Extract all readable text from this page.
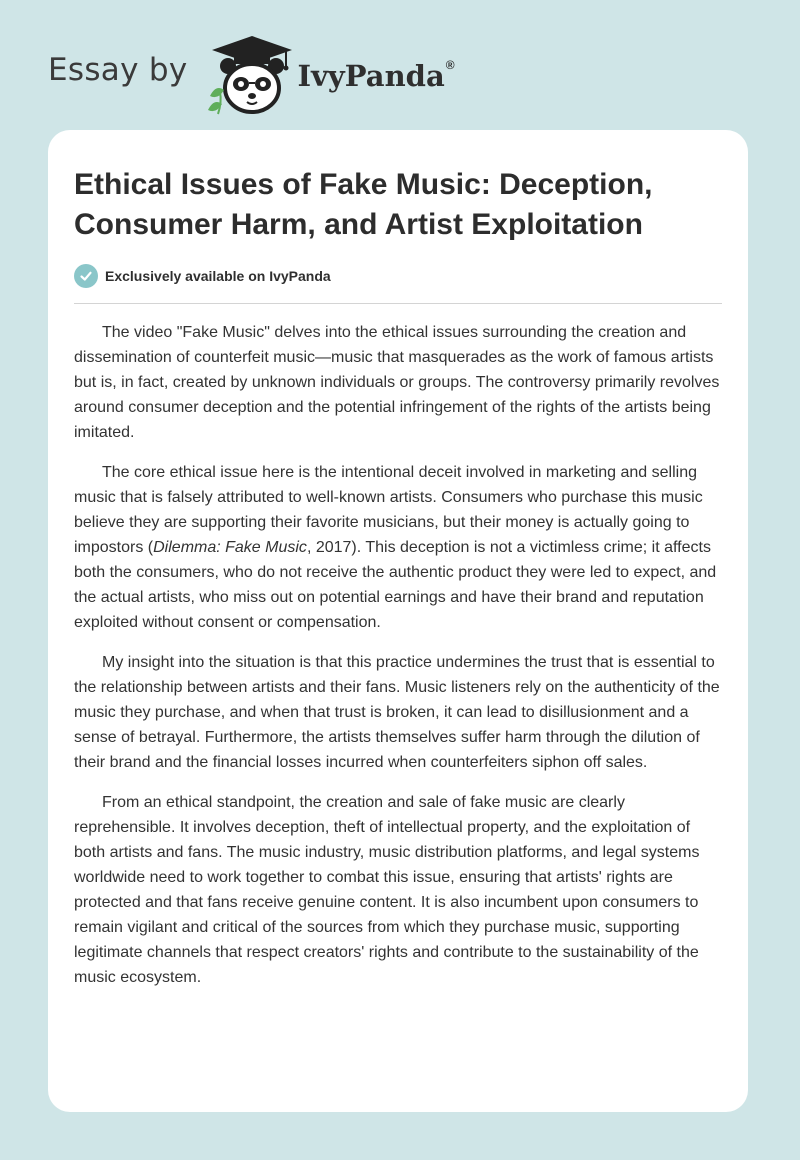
Essay by	IvyPanda®
Ethical Issues of Fake Music: Deception, Consumer Harm, and Artist Exploitation
Exclusively available on IvyPanda

The video "Fake Music" delves into the ethical issues surrounding the creation and dissemination of counterfeit music—music that masquerades as the work of famous artists but is, in fact, created by unknown individuals or groups. The controversy primarily revolves around consumer deception and the potential infringement of the rights of the artists being imitated.

The core ethical issue here is the intentional deceit involved in marketing and selling music that is falsely attributed to well-known artists. Consumers who purchase this music believe they are supporting their favorite musicians, but their money is actually going to impostors (Dilemma: Fake Music, 2017). This deception is not a victimless crime; it affects both the consumers, who do not receive the authentic product they were led to expect, and the actual artists, who miss out on potential earnings and have their brand and reputation exploited without consent or compensation.

My insight into the situation is that this practice undermines the trust that is essential to the relationship between artists and their fans. Music listeners rely on the authenticity of the music they purchase, and when that trust is broken, it can lead to disillusionment and a sense of betrayal. Furthermore, the artists themselves suffer harm through the dilution of their brand and the financial losses incurred when counterfeiters siphon off sales.

From an ethical standpoint, the creation and sale of fake music are clearly reprehensible. It involves deception, theft of intellectual property, and the exploitation of both artists and fans. The music industry, music distribution platforms, and legal systems worldwide need to work together to combat this issue, ensuring that artists' rights are protected and that fans receive genuine content. It is also incumbent upon consumers to remain vigilant and critical of the sources from which they purchase music, supporting legitimate channels that respect creators' rights and contribute to the sustainability of the music ecosystem.
